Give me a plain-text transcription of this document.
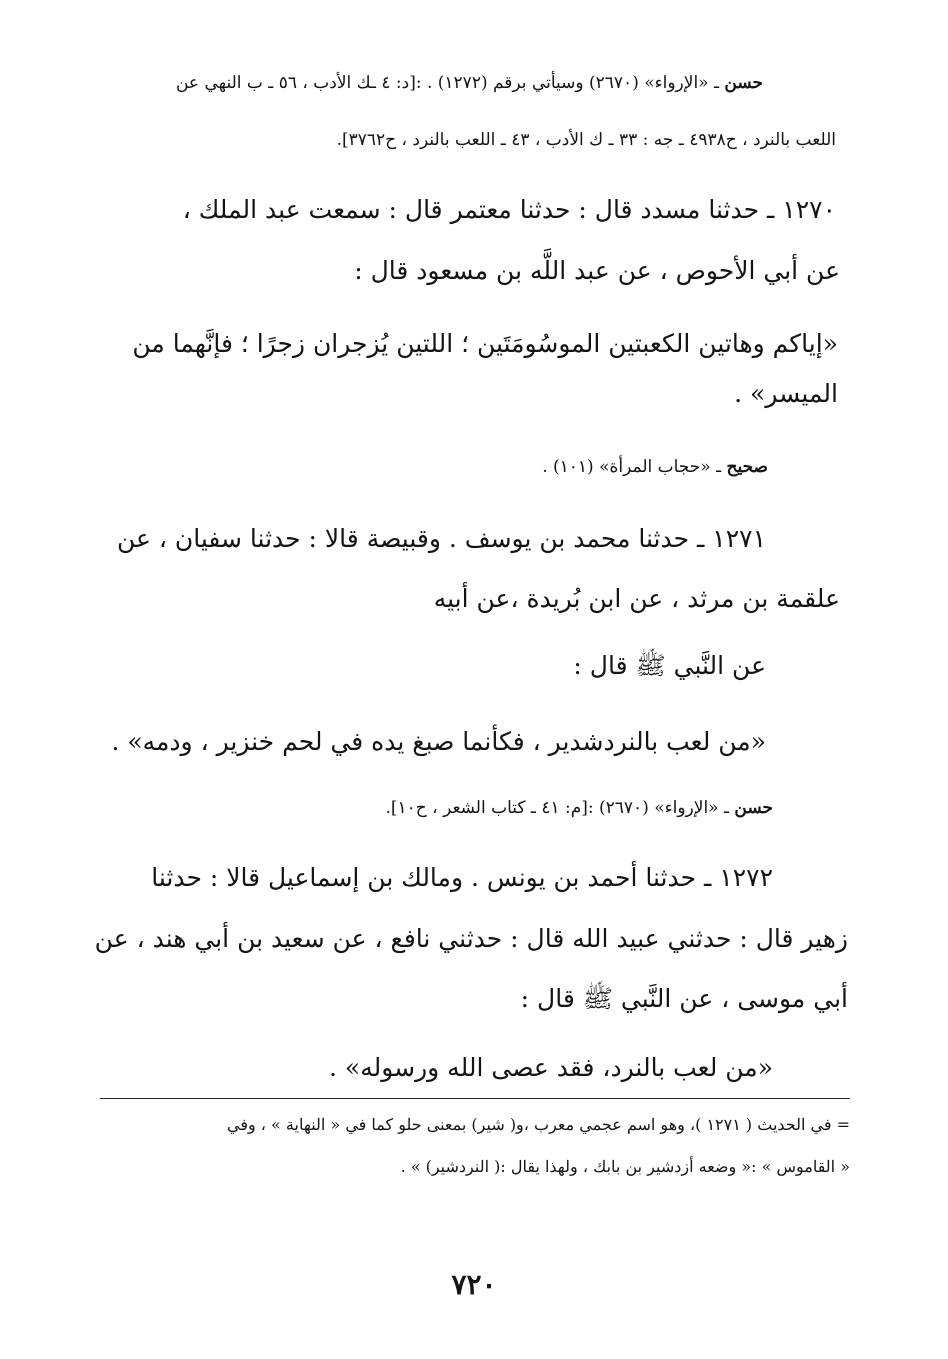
حسن ـ «الإرواء» (٢٦٧٠) وسيأتي برقم (١٢٧٢) . :[د: ٤ ـك الأدب ، ٥٦ ـ ب النهي عن
اللعب بالنرد ، ح٤٩٣٨ ـ جه : ٣٣ ـ ك الأدب ، ٤٣ ـ اللعب بالنرد ، ح٣٧٦٢].
١٢٧٠ ـ حدثنا مسدد قال : حدثنا معتمر قال : سمعت عبد الملك ،
عن أبي الأحوص ، عن عبد اللَّه بن مسعود قال :
«إياكم وهاتين الكعبتين الموسُومَتَين ؛ اللتين يُزجران زجرًا ؛ فإنَّهما من
الميسر» .
صحيح ـ «حجاب المرأة» (١٠١) .
١٢٧١ ـ حدثنا محمد بن يوسف . وقبيصة قالا : حدثنا سفيان ، عن
علقمة بن مرثد ، عن ابن بُريدة ،عن أبيه
عن النَّبي ﷺ قال :
«من لعب بالنردشدير ، فكأنما صبغ يده في لحم خنزير ، ودمه» .
حسن ـ «الإرواء» (٢٦٧٠) :[م: ٤١ ـ كتاب الشعر ، ح١٠].
١٢٧٢ ـ حدثنا أحمد بن يونس . ومالك بن إسماعيل قالا : حدثنا
زهير قال : حدثني عبيد الله قال : حدثني نافع ، عن سعيد بن أبي هند ، عن
أبي موسى ، عن النَّبي ﷺ قال :
«من لعب بالنرد، فقد عصى الله ورسوله» .
= في الحديث ( ١٢٧١ )، وهو اسم عجمي معرب ،و( شير) بمعنى حلو كما في « النهاية » ، وفي
« القاموس » :« وضعه أزدشير بن بابك ، ولهذا يقال :( النردشير) » .
٧٢٠
